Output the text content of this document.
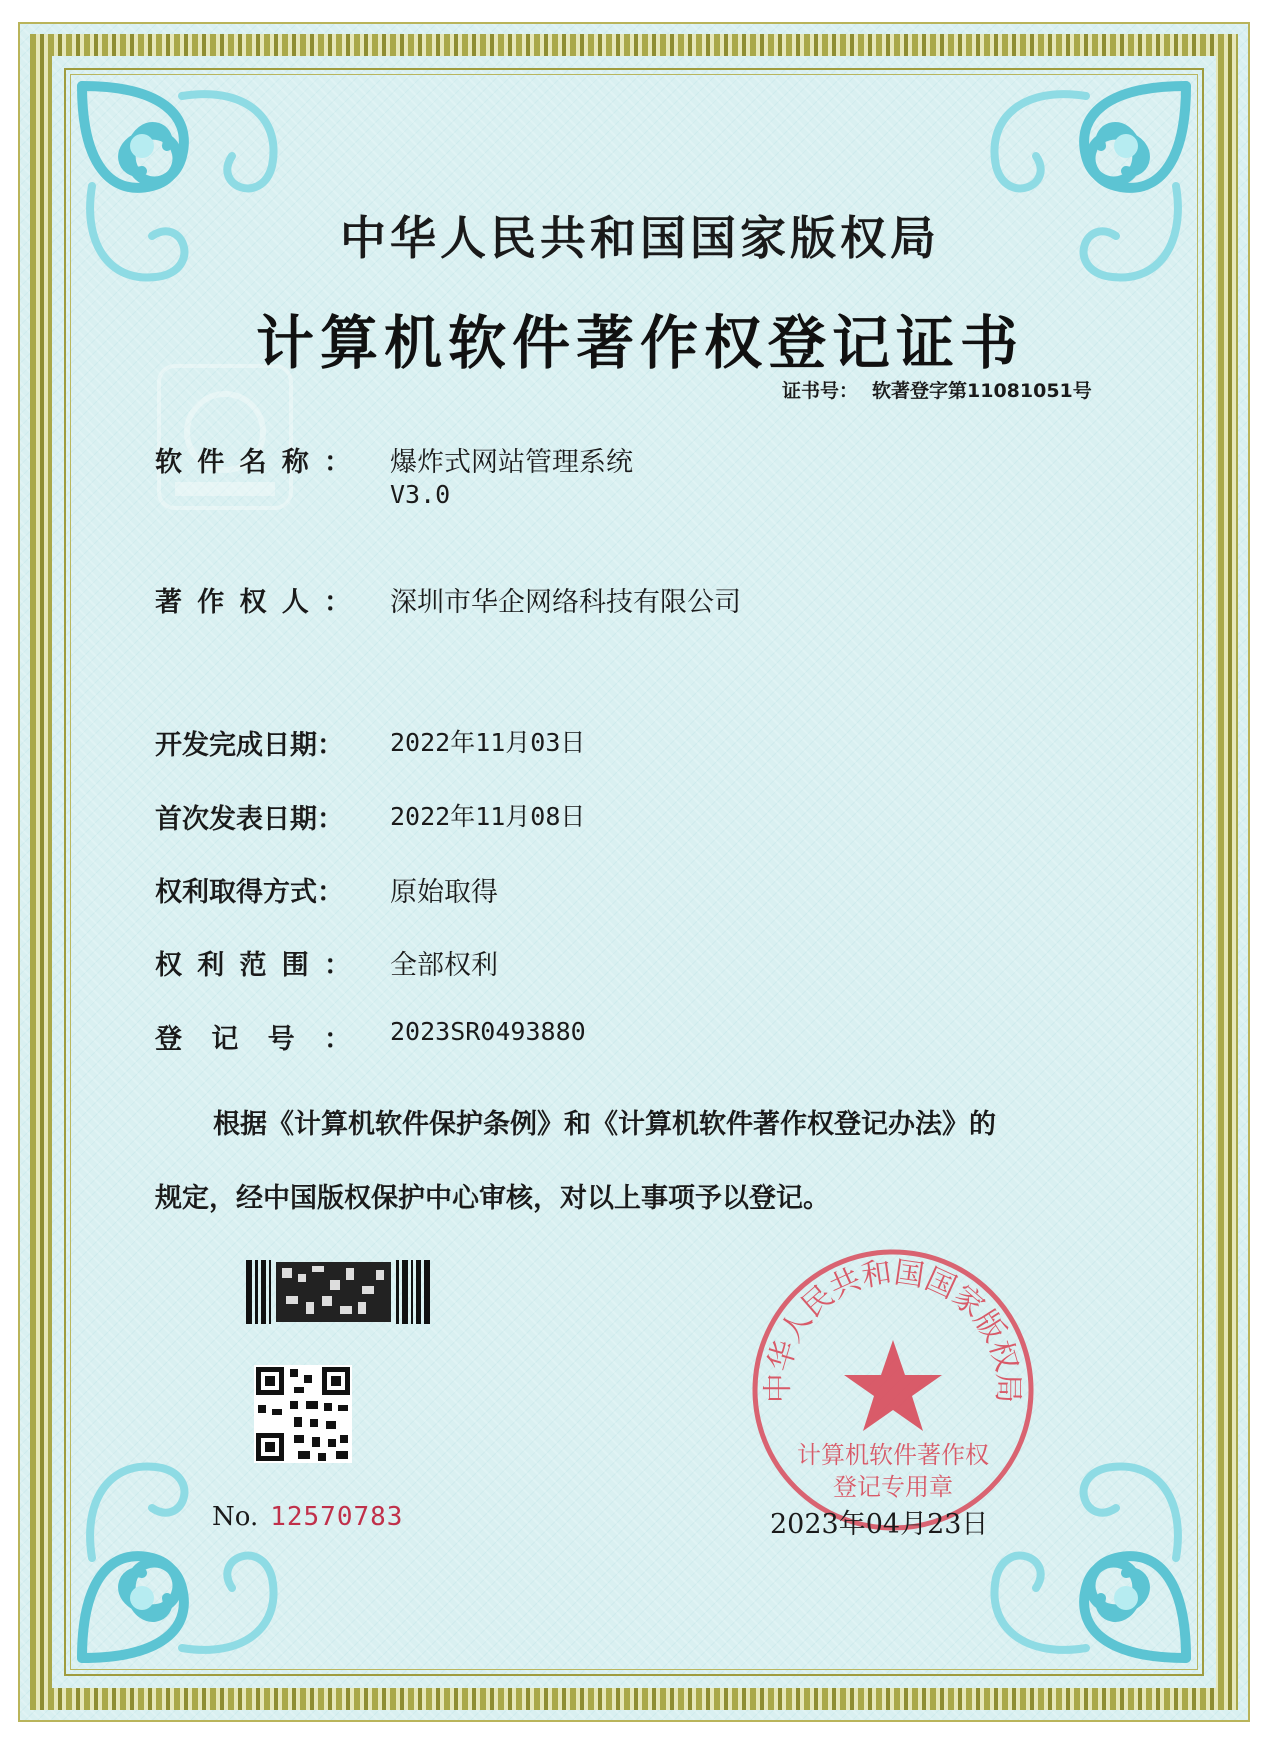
中华人民共和国国家版权局
计算机软件著作权登记证书
证书号： 软著登字第11081051号
软件名称： 爆炸式网站管理系统
V3.0
著作权人： 深圳市华企网络科技有限公司
开发完成日期： 2022年11月03日
首次发表日期： 2022年11月08日
权利取得方式： 原始取得
权利范围： 全部权利
登记号： 2023SR0493880
根据《计算机软件保护条例》和《计算机软件著作权登记办法》的
规定，经中国版权保护中心审核，对以上事项予以登记。
No. 12570783
中华人民共和国国家版权局
计算机软件著作权
登记专用章
2023年04月23日
